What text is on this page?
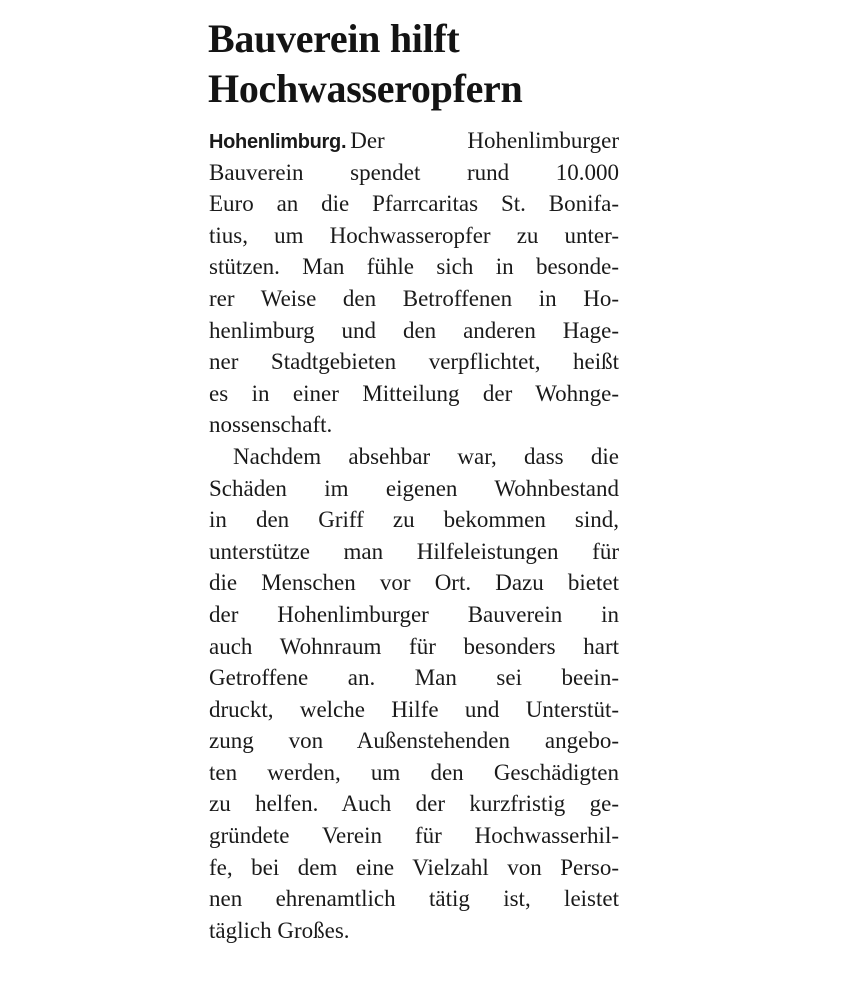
Bauverein hilft
Hochwasseropfern
Hohenlimburg. Der Hohenlimburger
Bauverein spendet rund 10.000
Euro an die Pfarrcaritas St. Bonifa-
tius, um Hochwasseropfer zu unter-
stützen. Man fühle sich in besonde-
rer Weise den Betroffenen in Ho-
henlimburg und den anderen Hage-
ner Stadtgebieten verpflichtet, heißt
es in einer Mitteilung der Wohnge-
nossenschaft.
Nachdem absehbar war, dass die
Schäden im eigenen Wohnbestand
in den Griff zu bekommen sind,
unterstütze man Hilfeleistungen für
die Menschen vor Ort. Dazu bietet
der Hohenlimburger Bauverein in
auch Wohnraum für besonders hart
Getroffene an. Man sei beein-
druckt, welche Hilfe und Unterstüt-
zung von Außenstehenden angebo-
ten werden, um den Geschädigten
zu helfen. Auch der kurzfristig ge-
gründete Verein für Hochwasserhil-
fe, bei dem eine Vielzahl von Perso-
nen ehrenamtlich tätig ist, leistet
täglich Großes.
